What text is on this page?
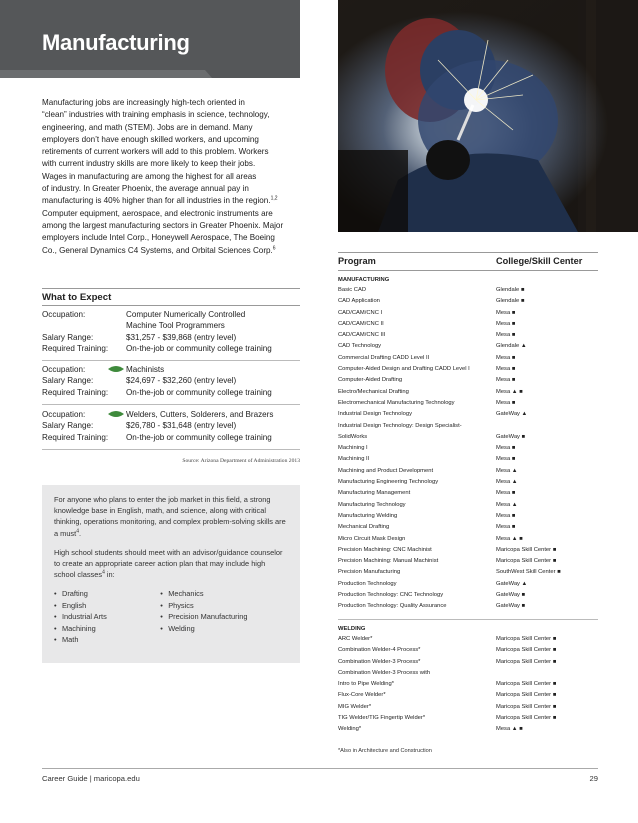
Manufacturing
Manufacturing jobs are increasingly high-tech oriented in
“clean” industries with training emphasis in science, technology,
engineering, and math (STEM). Jobs are in demand. Many
employers don’t have enough skilled workers, and upcoming
retirements of current workers will add to this problem. Workers
with current industry skills are more likely to keep their jobs.
Wages in manufacturing are among the highest for all areas
of industry. In Greater Phoenix, the average annual pay in
manufacturing is 40% higher than for all industries in the region.$^{1,2}$
Computer equipment, aerospace, and electronic instruments are
among the largest manufacturing sectors in Greater Phoenix. Major
employers include Intel Corp., Honeywell Aerospace, The Boeing
Co., General Dynamics C4 Systems, and Orbital Sciences Corp.$^6$
What to Expect
Occupation:	Computer Numerically Controlled
Machine Tool Programmers
Salary Range:	$31,257 - $39,868 (entry level)
Required Training:	On-the-job or community college training
Occupation:	Machinists
Salary Range:	$24,697 - $32,260 (entry level)
Required Training:	On-the-job or community college training
Occupation:	Welders, Cutters, Solderers, and Brazers
Salary Range:	$26,780 - $31,648 (entry level)
Required Training:	On-the-job or community college training
Source: Arizona Department of Administration 2013

For anyone who plans to enter the job market in this field, a strong knowledge base in English, math, and science, along with critical thinking, operations monitoring, and complex problem-solving skills are a must$^4$.

High school students should meet with an advisor/guidance counselor to create an appropriate career action plan that may include high school classes$^4$ in:

• Drafting
• English
• Industrial Arts
• Machining
• Math
• Mechanics
• Physics
• Precision Manufacturing
• Welding
Program	College/Skill Center
MANUFACTURING
Basic CAD	Glendale ■
CAD Application	Glendale ■
CAD/CAM/CNC I	Mesa ■
CAD/CAM/CNC II	Mesa ■
CAD/CAM/CNC III	Mesa ■
CAD Technology	Glendale ▲
Commercial Drafting CADD Level II	Mesa ■
Computer-Aided Design and Drafting CADD Level I	Mesa ■
Computer-Aided Drafting	Mesa ■
Electro/Mechanical Drafting	Mesa ▲ ■
Electromechanical Manufacturing Technology	Mesa ■
Industrial Design Technology	GateWay ▲
Industrial Design Technology: Design Specialist-
SolidWorks	GateWay ■
Machining I	Mesa ■
Machining II	Mesa ■
Machining and Product Development	Mesa ▲
Manufacturing Engineering Technology	Mesa ▲
Manufacturing Management	Mesa ■
Manufacturing Technology	Mesa ▲
Manufacturing Welding	Mesa ■
Mechanical Drafting	Mesa ■
Micro Circuit Mask Design	Mesa ▲ ■
Precision Machining: CNC Machinist	Maricopa Skill Center ■
Precision Machining: Manual Machinist	Maricopa Skill Center ■
Precision Manufacturing	SouthWest Skill Center ■
Production Technology	GateWay ▲
Production Technology: CNC Technology	GateWay ■
Production Technology: Quality Assurance	GateWay ■
WELDING
ARC Welder*	Maricopa Skill Center ■
Combination Welder-4 Process*	Maricopa Skill Center ■
Combination Welder-3 Process*	Maricopa Skill Center ■
Combination Welder-3 Process with
Intro to Pipe Welding*	Maricopa Skill Center ■
Flux-Core Welder*	Maricopa Skill Center ■
MIG Welder*	Maricopa Skill Center ■
TIG Welder/TIG Fingertip Welder*	Maricopa Skill Center ■
Welding*	Mesa ▲ ■
*Also in Architecture and Construction
Career Guide | maricopa.edu	29
